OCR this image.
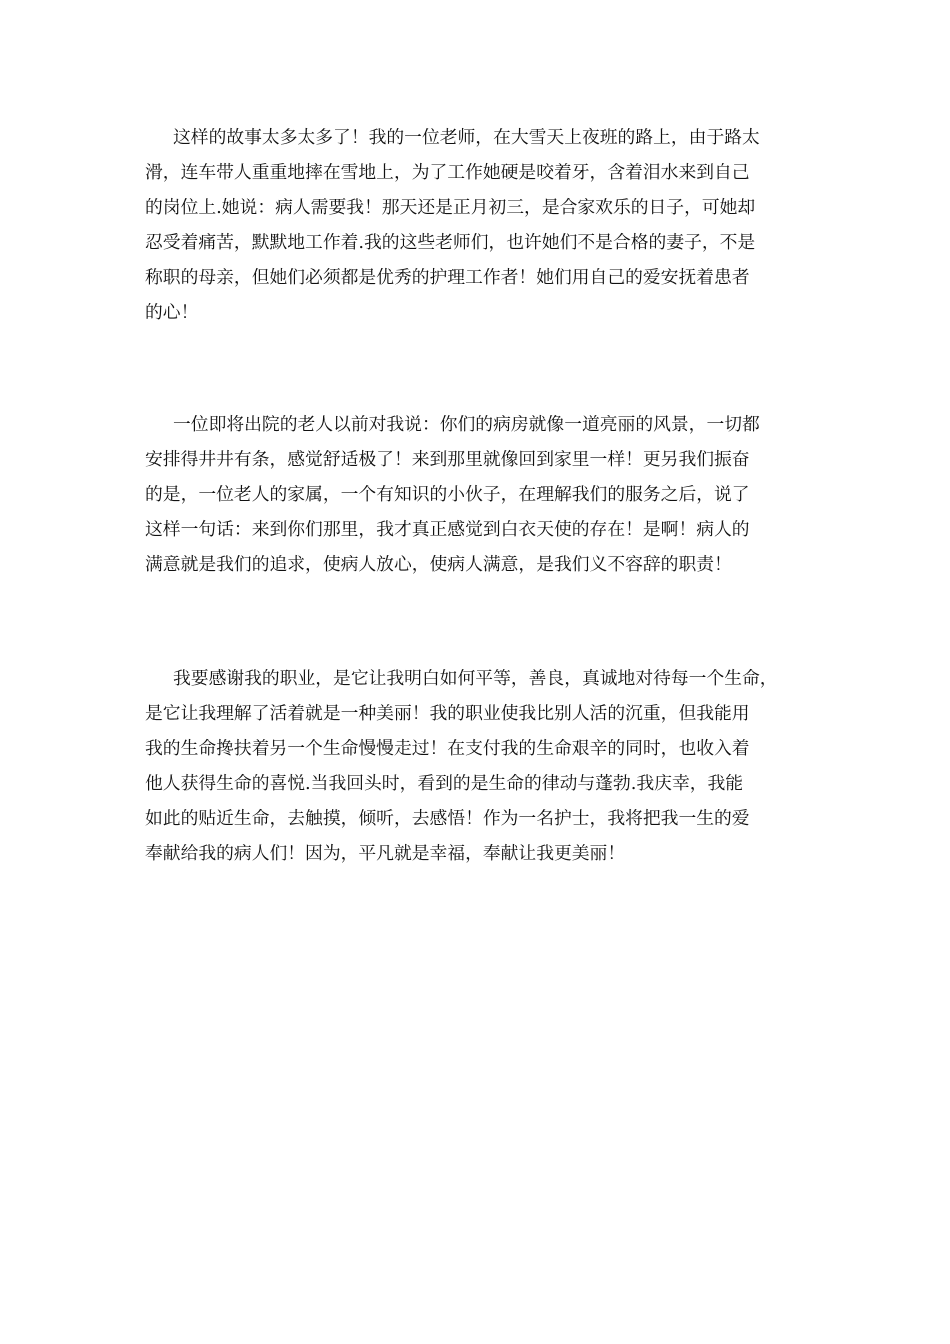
这样的故事太多太多了！我的一位老师，在大雪天上夜班的路上，由于路太
滑，连车带人重重地摔在雪地上，为了工作她硬是咬着牙，含着泪水来到自己
的岗位上.她说：病人需要我！那天还是正月初三，是合家欢乐的日子，可她却
忍受着痛苦，默默地工作着.我的这些老师们，也许她们不是合格的妻子，不是
称职的母亲，但她们必须都是优秀的护理工作者！她们用自己的爱安抚着患者
的心！
一位即将出院的老人以前对我说：你们的病房就像一道亮丽的风景，一切都
安排得井井有条，感觉舒适极了！来到那里就像回到家里一样！更另我们振奋
的是，一位老人的家属，一个有知识的小伙子，在理解我们的服务之后，说了
这样一句话：来到你们那里，我才真正感觉到白衣天使的存在！是啊！病人的
满意就是我们的追求，使病人放心，使病人满意，是我们义不容辞的职责！
我要感谢我的职业，是它让我明白如何平等，善良，真诚地对待每一个生命，
是它让我理解了活着就是一种美丽！我的职业使我比别人活的沉重，但我能用
我的生命搀扶着另一个生命慢慢走过！在支付我的生命艰辛的同时，也收入着
他人获得生命的喜悦.当我回头时，看到的是生命的律动与蓬勃.我庆幸，我能
如此的贴近生命，去触摸，倾听，去感悟！作为一名护士，我将把我一生的爱
奉献给我的病人们！因为，平凡就是幸福，奉献让我更美丽！
